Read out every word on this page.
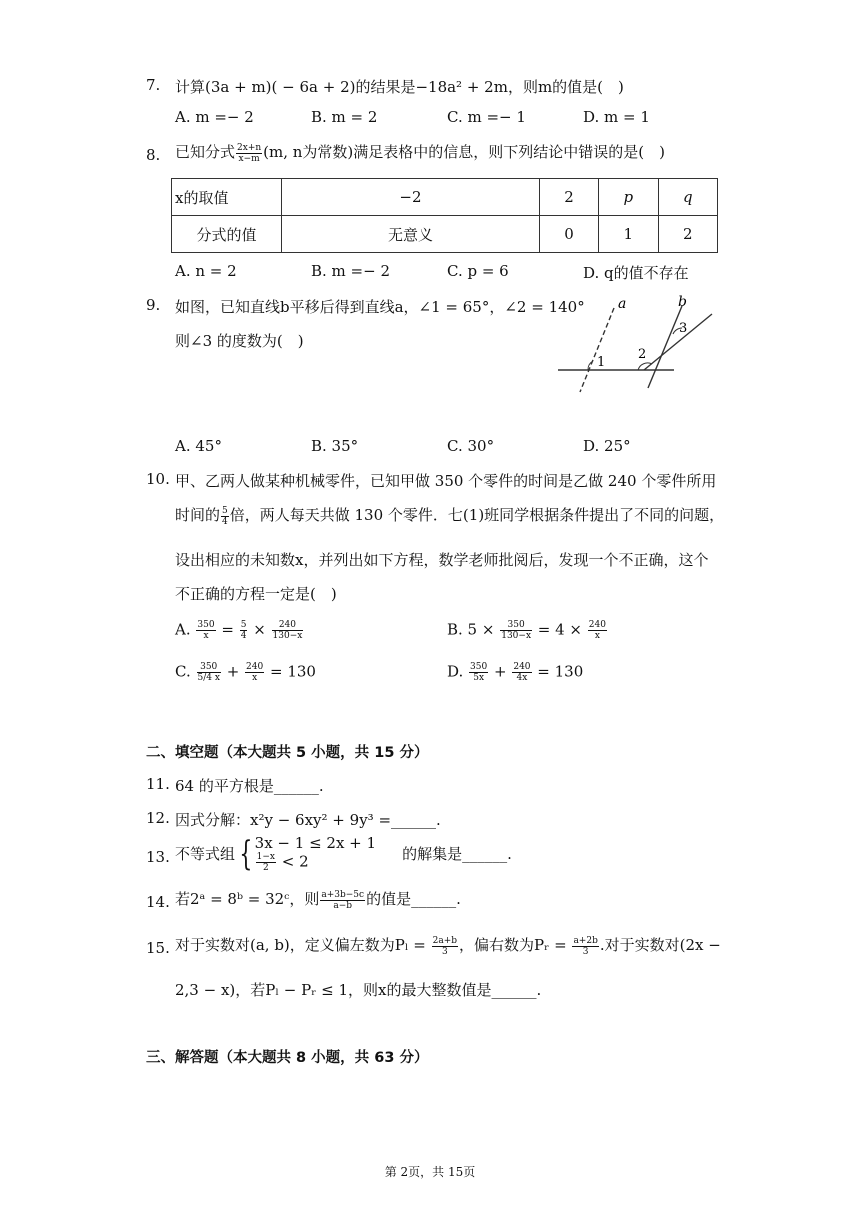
7. 计算(3a + m)( − 6a + 2)的结果是−18a² + 2m，则m的值是(　)
A. m =− 2	B. m = 2	C. m =− 1	D. m = 1
8. 已知分式 $\frac{2x+n}{x-m} (m$, n为常数)满足表格中的信息，则下列结论中错误的是(　)
x的取值	−2	2	p	q
分式的值	无意义	0	1	2
A. n = 2	B. m =− 2	C. p = 6	D. q的值不存在
9. 如图，已知直线b平移后得到直线a，∠1 = 65°，∠2 = 140°
则∠3 的度数为(　)
a	b
1
2
3
A. 45°	B. 35°	C. 30°	D. 25°
10. 甲、乙两人做某种机械零件，已知甲做 350 个零件的时间是乙做 240 个零件所用
时间的 $\frac{5}{4}$ 倍，两人每天共做 130 个零件．七(1)班同学根据条件提出了不同的问题，
设出相应的未知数x，并列出如下方程，数学老师批阅后，发现一个不正确，这个
不正确的方程一定是(　)
A. $\frac{350}{x} = \frac{5}{4} \times \frac{240}{130-x}$	B. $5 \times \frac{350}{130-x} = 4 \times \frac{240}{x}$
C. $\frac{350}{5/4 x} + \frac{240}{x} = 130$	D. $\frac{350}{5x} + \frac{240}{4x} = 130$
二、填空题（本大题共 5 小题，共 15 分）
11. 64 的平方根是______.
12. 因式分解：x²y − 6xy² + 9y³ =______.
13. 不等式组 { 3x − 1 ≤ 2x + 1
$\frac{1-x}{2} < 2$	的解集是______.
14. 若2ᵃ = 8ᵇ = 32ᶜ，则 $\frac{a+3b-5c}{a-b}$ 的值是______.
15. 对于实数对(a, b)，定义偏左数为$P_l = \frac{2a+b}{3}$ ，偏右数为Pᵣ = $\frac{a+2b}{3}$ .对于实数对(2x −
2,3 − x)，若Pₗ − Pᵣ ≤ 1，则x的最大整数值是______.
三、解答题（本大题共 8 小题，共 63 分）
第 2页，共 15页
